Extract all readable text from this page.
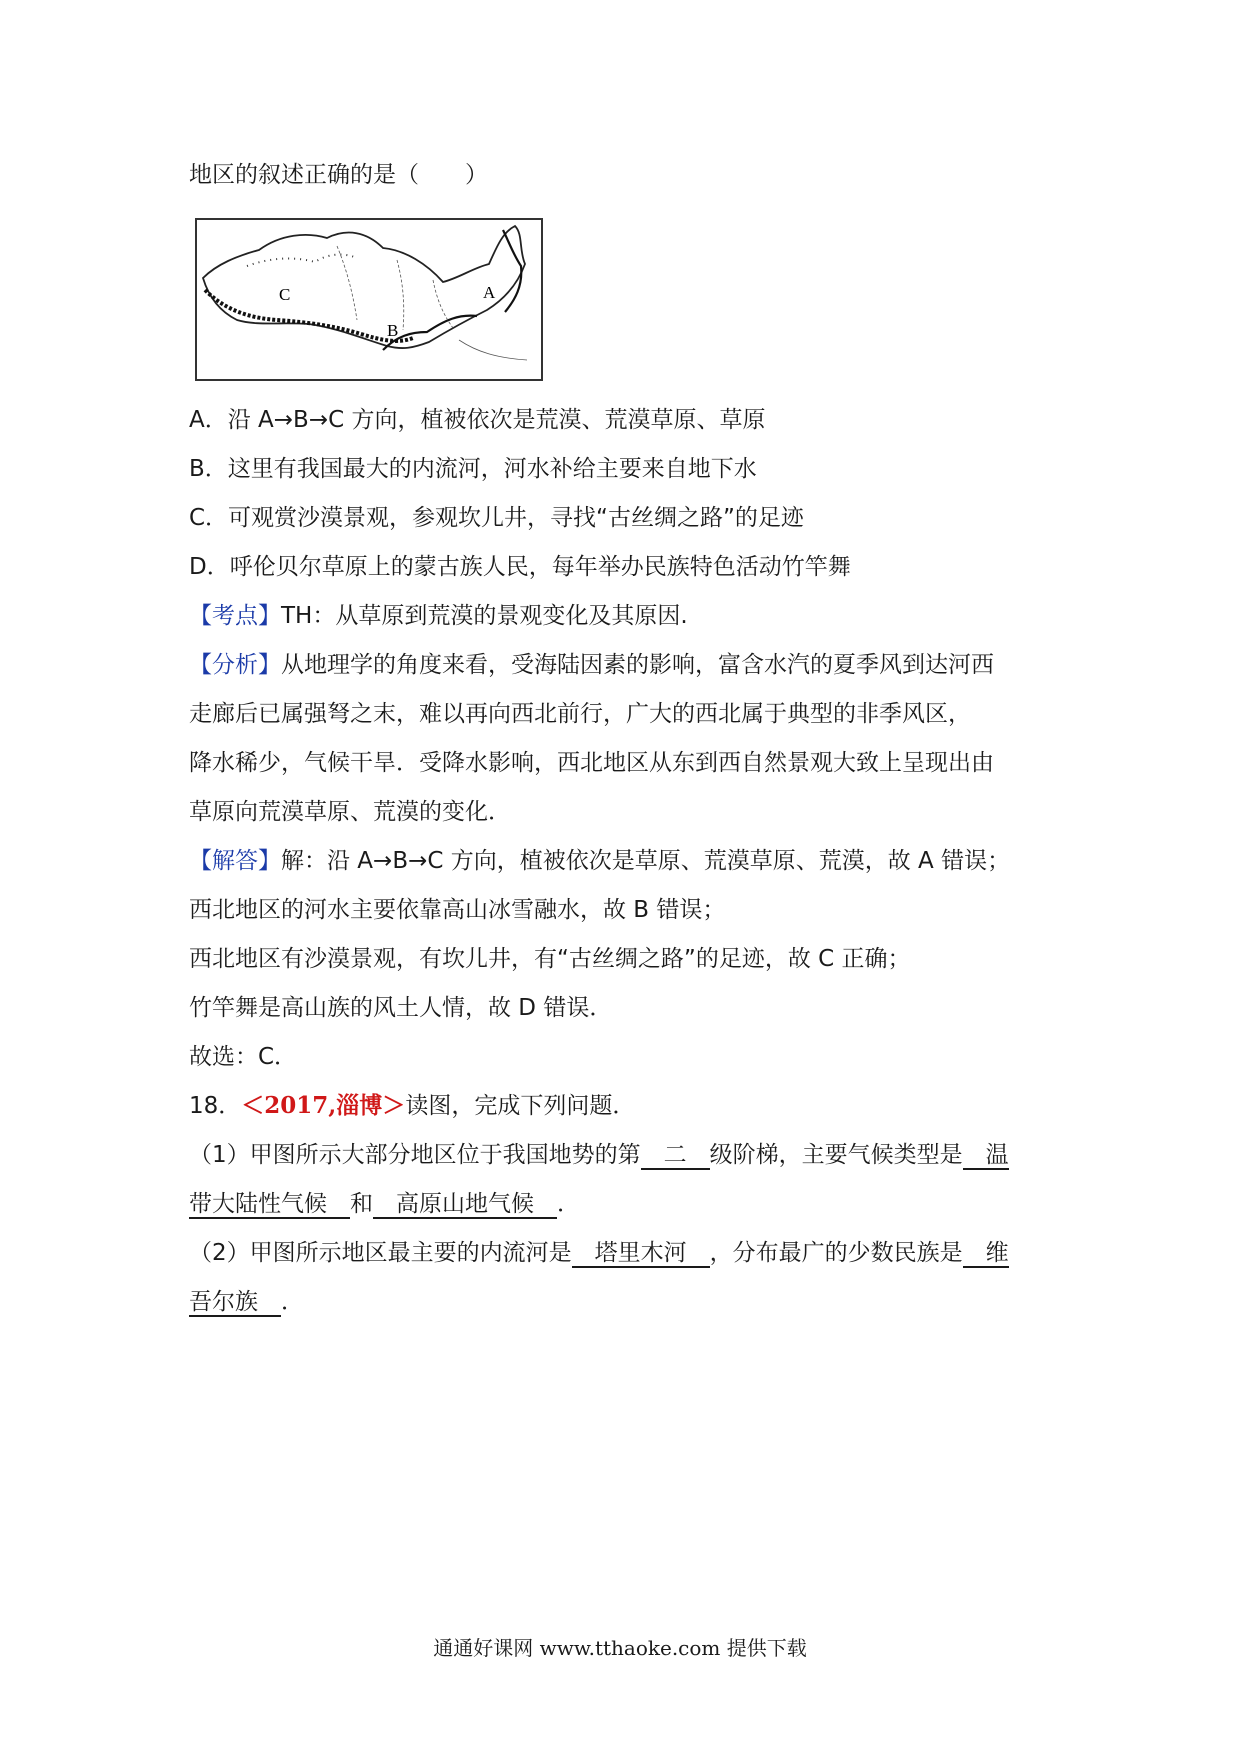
地区的叙述正确的是（　　）
C
B
A
A．沿 A→B→C 方向，植被依次是荒漠、荒漠草原、草原
B．这里有我国最大的内流河，河水补给主要来自地下水
C．可观赏沙漠景观，参观坎儿井，寻找“古丝绸之路”的足迹
D．呼伦贝尔草原上的蒙古族人民，每年举办民族特色活动竹竿舞
【考点】TH：从草原到荒漠的景观变化及其原因.
【分析】从地理学的角度来看，受海陆因素的影响，富含水汽的夏季风到达河西
走廊后已属强弩之末，难以再向西北前行，广大的西北属于典型的非季风区，
降水稀少，气候干旱．受降水影响，西北地区从东到西自然景观大致上呈现出由
草原向荒漠草原、荒漠的变化．
【解答】解：沿 A→B→C 方向，植被依次是草原、荒漠草原、荒漠，故 A 错误；
西北地区的河水主要依靠高山冰雪融水，故 B 错误；
西北地区有沙漠景观，有坎儿井，有“古丝绸之路”的足迹，故 C 正确；
竹竿舞是高山族的风土人情，故 D 错误．
故选：C．
18．＜2017,淄博＞读图，完成下列问题．
（1）甲图所示大部分地区位于我国地势的第　二　级阶梯，主要气候类型是　温
带大陆性气候　和　高原山地气候　．
（2）甲图所示地区最主要的内流河是　塔里木河　，分布最广的少数民族是　维
吾尔族　．
通通好课网 www.tthaoke.com 提供下载
